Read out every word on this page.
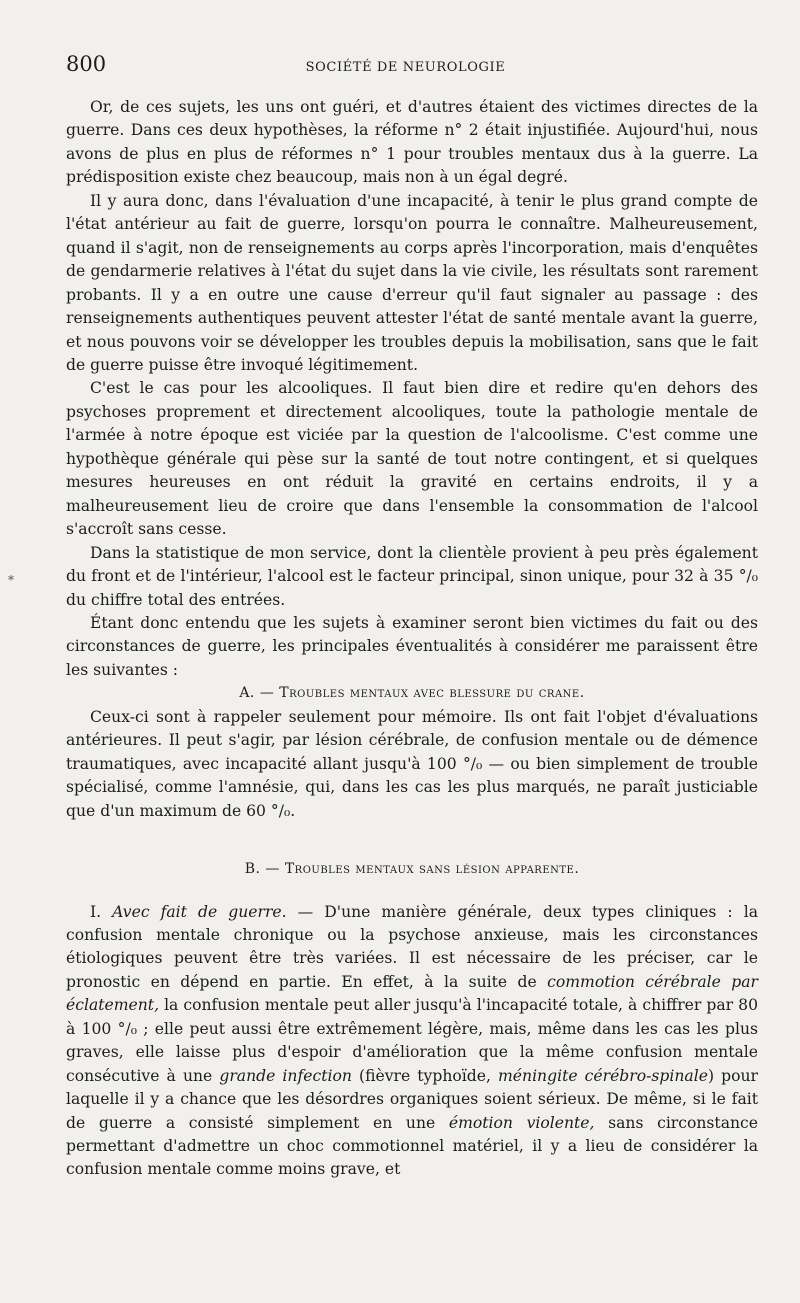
800	SOCIÉTÉ DE NEUROLOGIE
*

Or, de ces sujets, les uns ont guéri, et d'autres étaient des victimes directes de la guerre. Dans ces deux hypothèses, la réforme n° 2 était injustifiée. Aujourd'hui, nous avons de plus en plus de réformes n° 1 pour troubles mentaux dus à la guerre. La prédisposition existe chez beaucoup, mais non à un égal degré.

Il y aura donc, dans l'évaluation d'une incapacité, à tenir le plus grand compte de l'état antérieur au fait de guerre, lorsqu'on pourra le connaître. Malheureusement, quand il s'agit, non de renseignements au corps après l'incorporation, mais d'enquêtes de gendarmerie relatives à l'état du sujet dans la vie civile, les résultats sont rarement probants. Il y a en outre une cause d'erreur qu'il faut signaler au passage : des renseignements authentiques peuvent attester l'état de santé mentale avant la guerre, et nous pouvons voir se développer les troubles depuis la mobilisation, sans que le fait de guerre puisse être invoqué légitimement.

C'est le cas pour les alcooliques. Il faut bien dire et redire qu'en dehors des psychoses proprement et directement alcooliques, toute la pathologie mentale de l'armée à notre époque est viciée par la question de l'alcoolisme. C'est comme une hypothèque générale qui pèse sur la santé de tout notre contingent, et si quelques mesures heureuses en ont réduit la gravité en certains endroits, il y a malheureusement lieu de croire que dans l'ensemble la consommation de l'alcool s'accroît sans cesse.

Dans la statistique de mon service, dont la clientèle provient à peu près également du front et de l'intérieur, l'alcool est le facteur principal, sinon unique, pour 32 à 35 °/₀ du chiffre total des entrées.

Étant donc entendu que les sujets à examiner seront bien victimes du fait ou des circonstances de guerre, les principales éventualités à considérer me paraissent être les suivantes :

A. — Troubles mentaux avec blessure du crane.

Ceux-ci sont à rappeler seulement pour mémoire. Ils ont fait l'objet d'évaluations antérieures. Il peut s'agir, par lésion cérébrale, de confusion mentale ou de démence traumatiques, avec incapacité allant jusqu'à 100 °/₀ — ou bien simplement de trouble spécialisé, comme l'amnésie, qui, dans les cas les plus marqués, ne paraît justiciable que d'un maximum de 60 °/₀.

B. — Troubles mentaux sans lésion apparente.

I. Avec fait de guerre. — D'une manière générale, deux types cliniques : la confusion mentale chronique ou la psychose anxieuse, mais les circonstances étiologiques peuvent être très variées. Il est nécessaire de les préciser, car le pronostic en dépend en partie. En effet, à la suite de commotion cérébrale par éclatement, la confusion mentale peut aller jusqu'à l'incapacité totale, à chiffrer par 80 à 100 °/₀ ; elle peut aussi être extrêmement légère, mais, même dans les cas les plus graves, elle laisse plus d'espoir d'amélioration que la même confusion mentale consécutive à une grande infection (fièvre typhoïde, méningite cérébro-spinale) pour laquelle il y a chance que les désordres organiques soient sérieux. De même, si le fait de guerre a consisté simplement en une émotion violente, sans circonstance permettant d'admettre un choc commotionnel matériel, il y a lieu de considérer la confusion mentale comme moins grave, et
